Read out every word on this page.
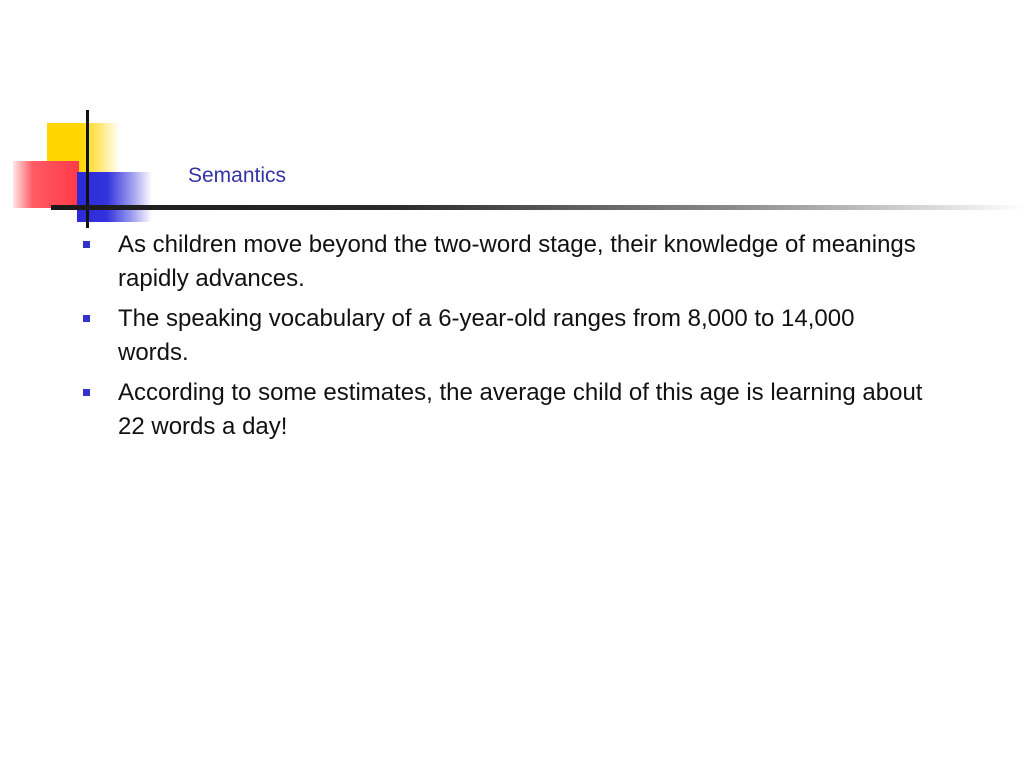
Semantics
As children move beyond the two-word stage, their knowledge of meanings rapidly advances.
The speaking vocabulary of a 6-year-old ranges from 8,000 to 14,000 words.
According to some estimates, the average child of this age is learning about 22 words a day!
